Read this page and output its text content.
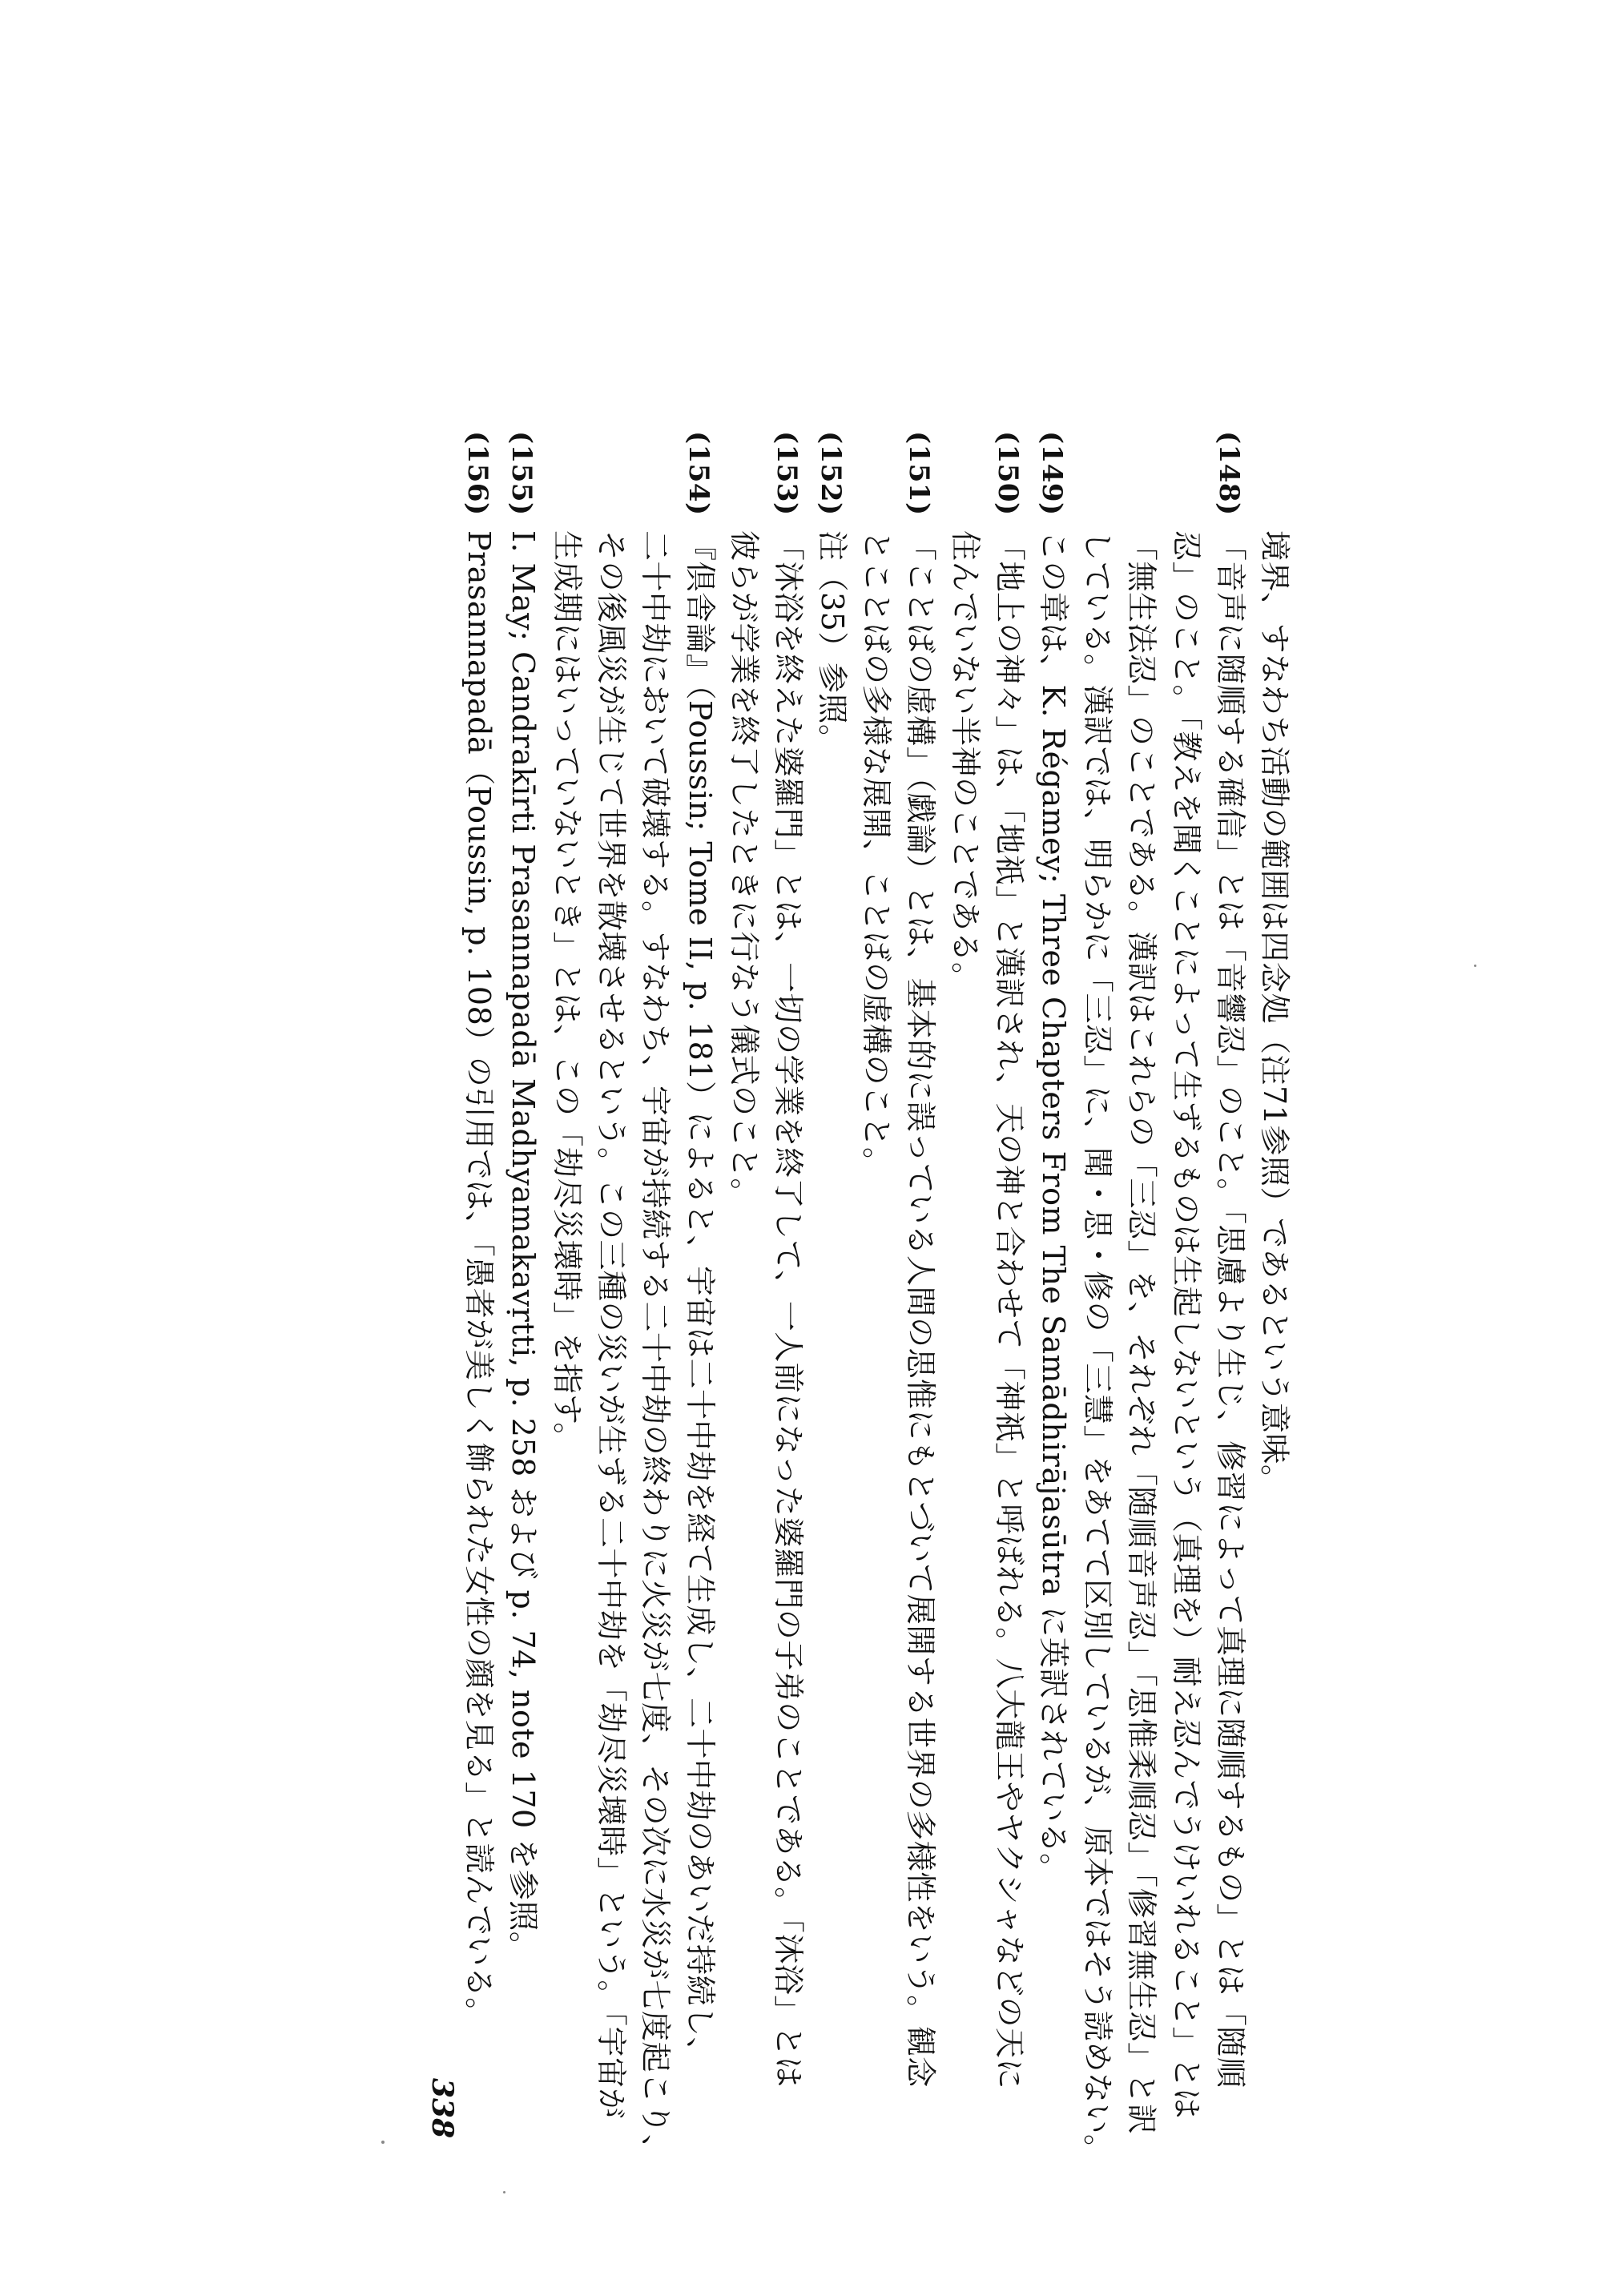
境界、すなわち活動の範囲は四念処（注71参照）であるという意味。
(148)「音声に随順する確信」とは「音響忍」のこと。「思慮より生じ、修習によって真理に随順するもの」とは「随順
忍」のこと。「教えを聞くことによって生ずるものは生起しないという（真理を）耐え忍んでうけいれること」とは
「無生法忍」のことである。漢訳はこれらの「三忍」を、それぞれ「随順音声忍」「思惟柔順忍」「修習無生忍」と訳
している。漢訳では、明らかに「三忍」に、聞・思・修の「三慧」をあてて区別しているが、原本ではそう読めない。
(149)この章は、K. Régamey; Three Chapters From The Samādhirājasūtra に英訳されている。
(150)「地上の神々」は、「地祇」と漢訳され、天の神と合わせて「神祇」と呼ばれる。八大龍王やヤクシャなどの天に
住んでいない半神のことである。
(151)「ことばの虚構」（戯論）とは、基本的に誤っている人間の思惟にもとづいて展開する世界の多様性をいう。観念
とことばの多様な展開、ことばの虚構のこと。
(152)注（35）参照。
(153)「沐浴を終えた婆羅門」とは、一切の学業を終了して、一人前になった婆羅門の子弟のことである。「沐浴」とは
彼らが学業を終了したときに行なう儀式のこと。
(154)『倶舎論』（Poussin; Tome II, p. 181）によると、宇宙は二十中劫を経て生成し、二十中劫のあいだ持続し、
二十中劫において破壊する。すなわち、宇宙が持続する二十中劫の終わりに火災が七度、その次に水災が七度起こり、
その後風災が生じて世界を散壊させるという。この三種の災いが生ずる二十中劫を「劫尽災壊時」という。「宇宙が
生成期にはいっていないとき」とは、この「劫尽災壊時」を指す。
(155)I. May; Candrakīrti Prasannapadā Madhyamakavṛtti, p. 258 および p. 74, note 170 を参照。
(156)Prasannapadā（Poussin, p. 108）の引用では、「愚者が美しく飾られた女性の顔を見る」と読んでいる。
338
